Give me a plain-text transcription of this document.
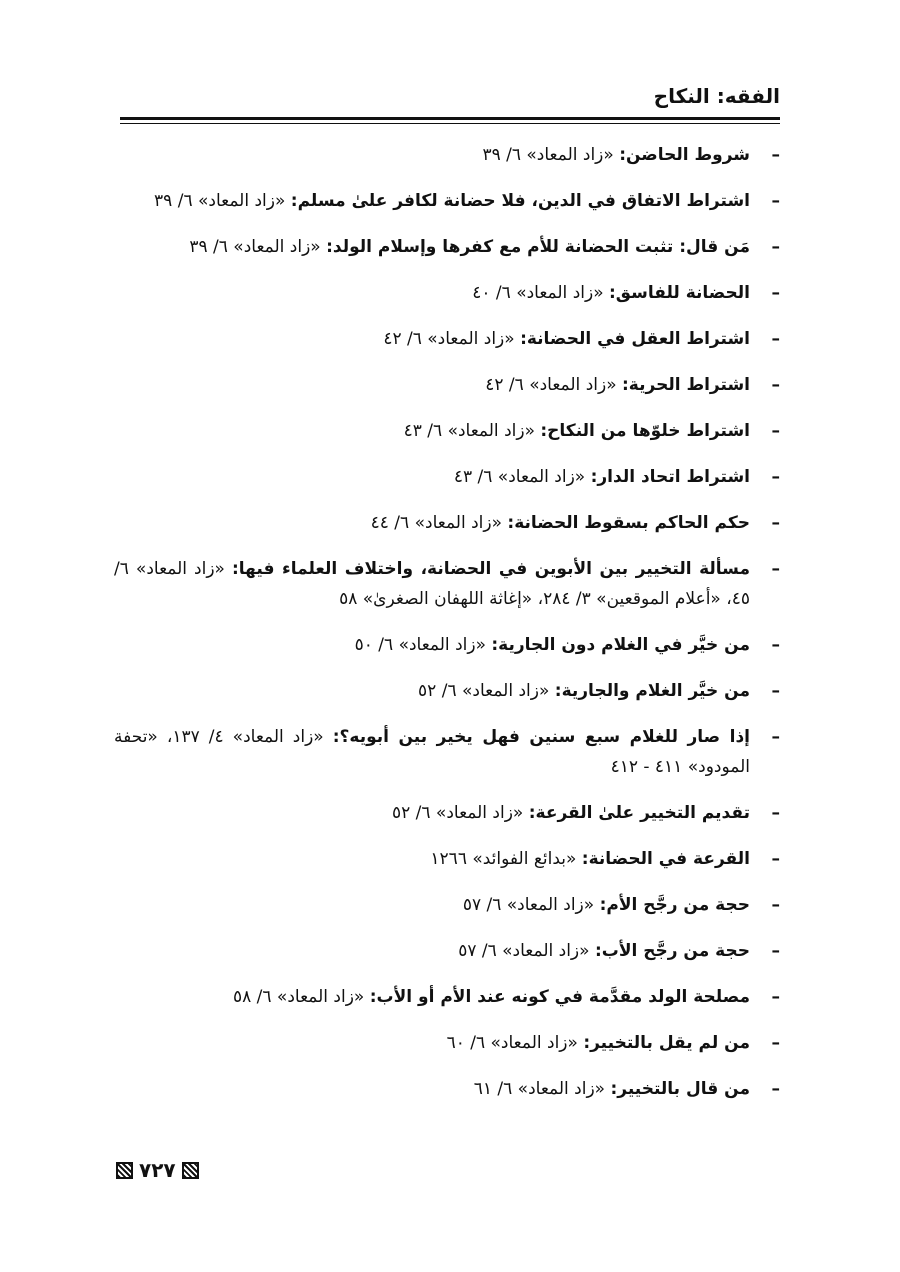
الفقه: النكاح
–
شروط الحاضن: «زاد المعاد» ٦/ ٣٩
–
اشتراط الاتفاق في الدين، فلا حضانة لكافر علىٰ مسلم: «زاد المعاد» ٦/ ٣٩
–
مَن قال: تثبت الحضانة للأم مع كفرها وإسلام الولد: «زاد المعاد» ٦/ ٣٩
–
الحضانة للفاسق: «زاد المعاد» ٦/ ٤٠
–
اشتراط العقل في الحضانة: «زاد المعاد» ٦/ ٤٢
–
اشتراط الحرية: «زاد المعاد» ٦/ ٤٢
–
اشتراط خلوّها من النكاح: «زاد المعاد» ٦/ ٤٣
–
اشتراط اتحاد الدار: «زاد المعاد» ٦/ ٤٣
–
حكم الحاكم بسقوط الحضانة: «زاد المعاد» ٦/ ٤٤
–
مسألة التخيير بين الأبوين في الحضانة، واختلاف العلماء فيها: «زاد المعاد» ٦/ ٤٥، «أعلام الموقعين» ٣/ ٢٨٤، «إغاثة اللهفان الصغرىٰ» ٥٨
–
من خيَّر في الغلام دون الجارية: «زاد المعاد» ٦/ ٥٠
–
من خيَّر الغلام والجارية: «زاد المعاد» ٦/ ٥٢
–
إذا صار للغلام سبع سنين فهل يخير بين أبويه؟: «زاد المعاد» ٤/ ١٣٧، «تحفة المودود» ٤١١ - ٤١٢
–
تقديم التخيير علىٰ القرعة: «زاد المعاد» ٦/ ٥٢
–
القرعة في الحضانة: «بدائع الفوائد» ١٢٦٦
–
حجة من رجَّح الأم: «زاد المعاد» ٦/ ٥٧
–
حجة من رجَّح الأب: «زاد المعاد» ٦/ ٥٧
–
مصلحة الولد مقدَّمة في كونه عند الأم أو الأب: «زاد المعاد» ٦/ ٥٨
–
من لم يقل بالتخيير: «زاد المعاد» ٦/ ٦٠
–
من قال بالتخيير: «زاد المعاد» ٦/ ٦١
٧٢٧
